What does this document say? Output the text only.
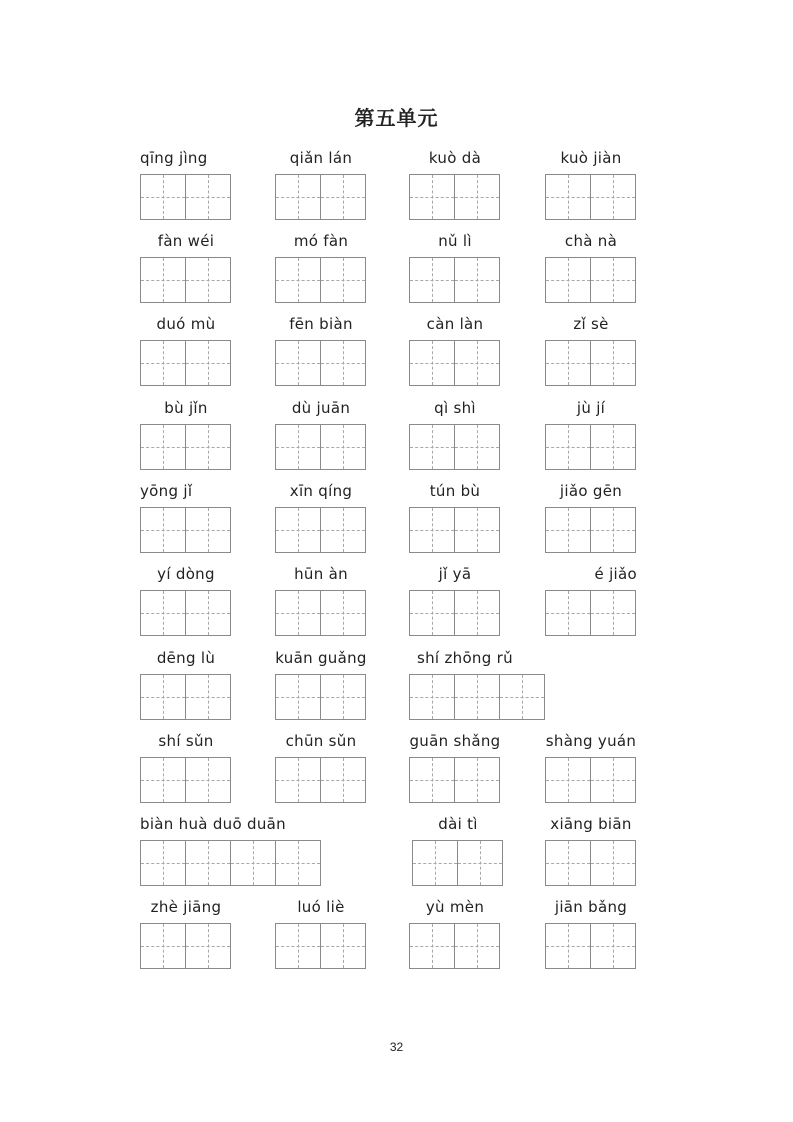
第五单元
qīng jìng	qiǎn lán	kuò dà	kuò jiàn
fàn wéi	mó fàn	nǔ lì	chà nà
duó mù	fēn biàn	càn làn	zǐ sè
bù jǐn	dù juān	qì shì	jù jí
yōng jǐ	xīn qíng	tún bù	jiǎo gēn
yí dòng	hūn àn	jǐ yā	é jiǎo
dēng lù	kuān guǎng	shí zhōng rǔ
shí sǔn	chūn sǔn	guān shǎng	shàng yuán
biàn huà duō duān	dài tì	xiāng biān
zhè jiāng	luó liè	yù mèn	jiān bǎng
32
